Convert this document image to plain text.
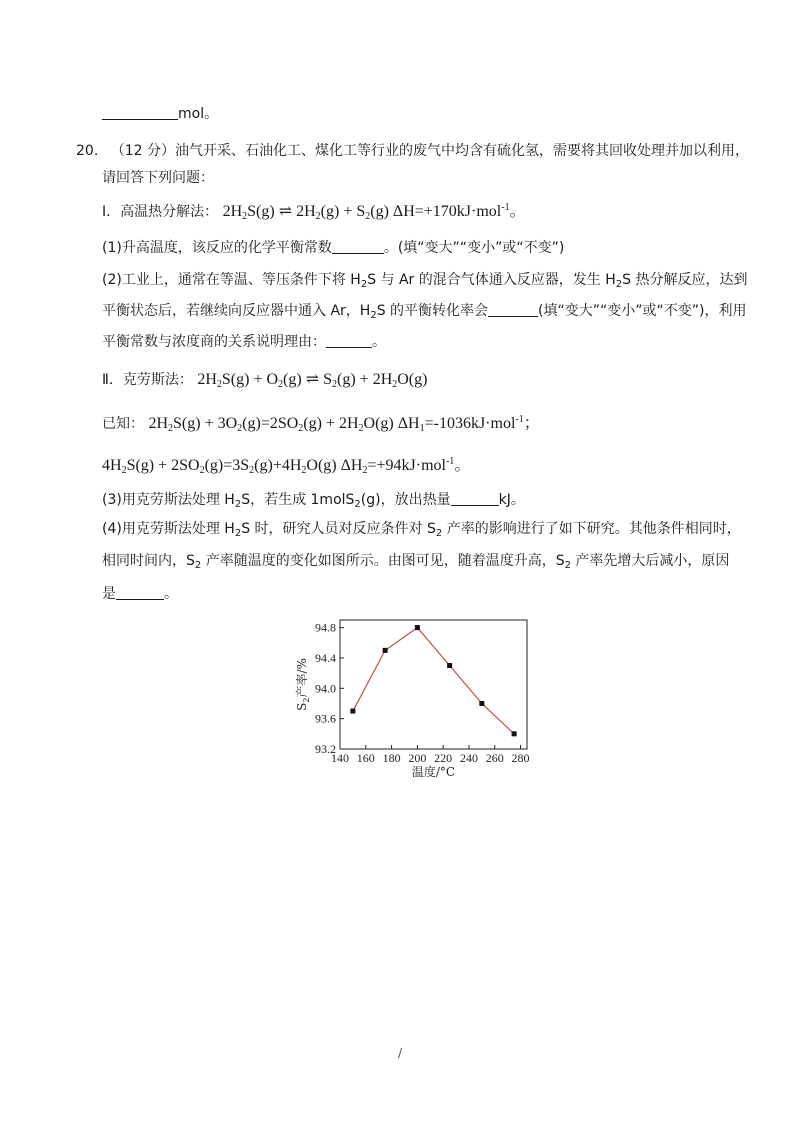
mol。
20. （12 分）油气开采、石油化工、煤化工等行业的废气中均含有硫化氢，需要将其回收处理并加以利用，
请回答下列问题：
Ⅰ．高温热分解法： $2H_2S(g)$ ⇌ $2H_2(g) + S_2(g)$ ΔH=+170kJ·mol$^{-1}$。
(1)升高温度，该反应的化学平衡常数	。(填“变大”“变小”或“不变”)
(2)工业上，通常在等温、等压条件下将 $H_2S$ 与 Ar 的混合气体通入反应器，发生 $H_2S$ 热分解反应，达到
平衡状态后，若继续向反应器中通入 Ar，$H_2S$ 的平衡转化率会	(填“变大”“变小”或“不变”)，利用
平衡常数与浓度商的关系说明理由：	。
Ⅱ．克劳斯法： $2H_2S(g) + O_2(g)$ ⇌ $S_2(g) + 2H_2O(g)$
已知： $2H_2S(g) + 3O_2(g)=2SO_2(g) + 2H_2O(g)$ $\Delta H_1=-1036kJ\cdot mol^{-1}$；
$4H_2S(g) + 2SO_2(g)=3S_2(g)+4H_2O(g)$ $\Delta H_2=+94kJ\cdot mol^{-1}$。
(3)用克劳斯法处理 $H_2S$，若生成 1molS$_2$(g)，放出热量	kJ。
(4)用克劳斯法处理 $H_2S$ 时，研究人员对反应条件对 $S_2$ 产率的影响进行了如下研究。其他条件相同时，
相同时间内，$S_2$ 产率随温度的变化如图所示。由图可见，随着温度升高，$S_2$ 产率先增大后减小，原因
是	。
140 160 180 200 220 240 260 280
93.2
93.6
94.0
94.4
94.8
温度/°C
$S_2$产率/%
/
